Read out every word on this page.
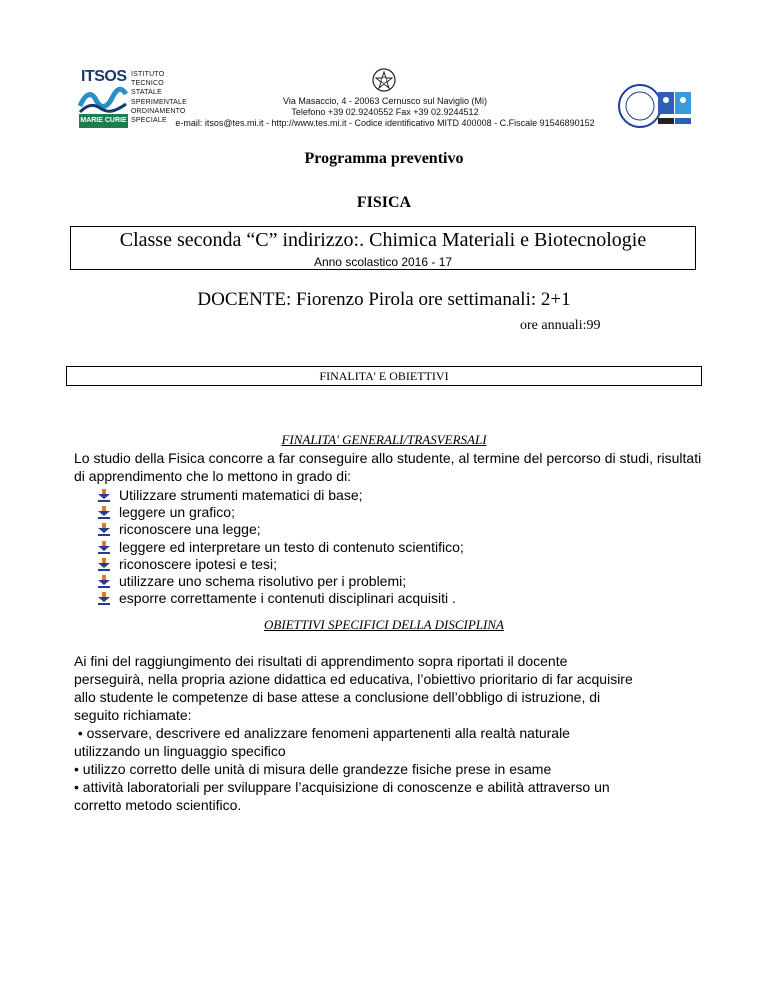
ITSOS
MARIE CURIE
ISTITUTO
TECNICO
STATALE
SPERIMENTALE
ORDINAMENTO
SPECIALE
Via Masaccio, 4 - 20063 Cernusco sul Naviglio (Mi)
Telefono +39 02.9240552 Fax +39 02.9244512
e-mail: itsos@tes.mi.it - http://www.tes.mi.it - Codice identificativo MITD 400008 - C.Fiscale 91546890152
Programma preventivo
FISICA
Classe seconda “C” indirizzo:. Chimica Materiali e Biotecnologie
Anno scolastico 2016 - 17
DOCENTE: Fiorenzo Pirola ore settimanali: 2+1
ore annuali:99
FINALITA' E OBIETTIVI
FINALITA' GENERALI/TRASVERSALI
Lo studio della Fisica concorre a far conseguire allo studente, al termine del percorso di studi, risultati di apprendimento che lo mettono in grado di:
Utilizzare strumenti matematici di base;
leggere un grafico;
riconoscere una legge;
leggere ed interpretare un testo di contenuto scientifico;
riconoscere ipotesi e tesi;
utilizzare uno schema risolutivo per i problemi;
esporre correttamente i contenuti disciplinari acquisiti .
OBIETTIVI SPECIFICI DELLA DISCIPLINA
Ai fini del raggiungimento dei risultati di apprendimento sopra riportati il docente
perseguirà, nella propria azione didattica ed educativa, l’obiettivo prioritario di far acquisire
allo studente le competenze di base attese a conclusione dell’obbligo di istruzione, di
seguito richiamate:
• osservare, descrivere ed analizzare fenomeni appartenenti alla realtà naturale
utilizzando un linguaggio specifico
• utilizzo corretto delle unità di misura delle grandezze fisiche prese in esame
• attività laboratoriali per sviluppare l’acquisizione di conoscenze e abilità attraverso un
corretto metodo scientifico.
